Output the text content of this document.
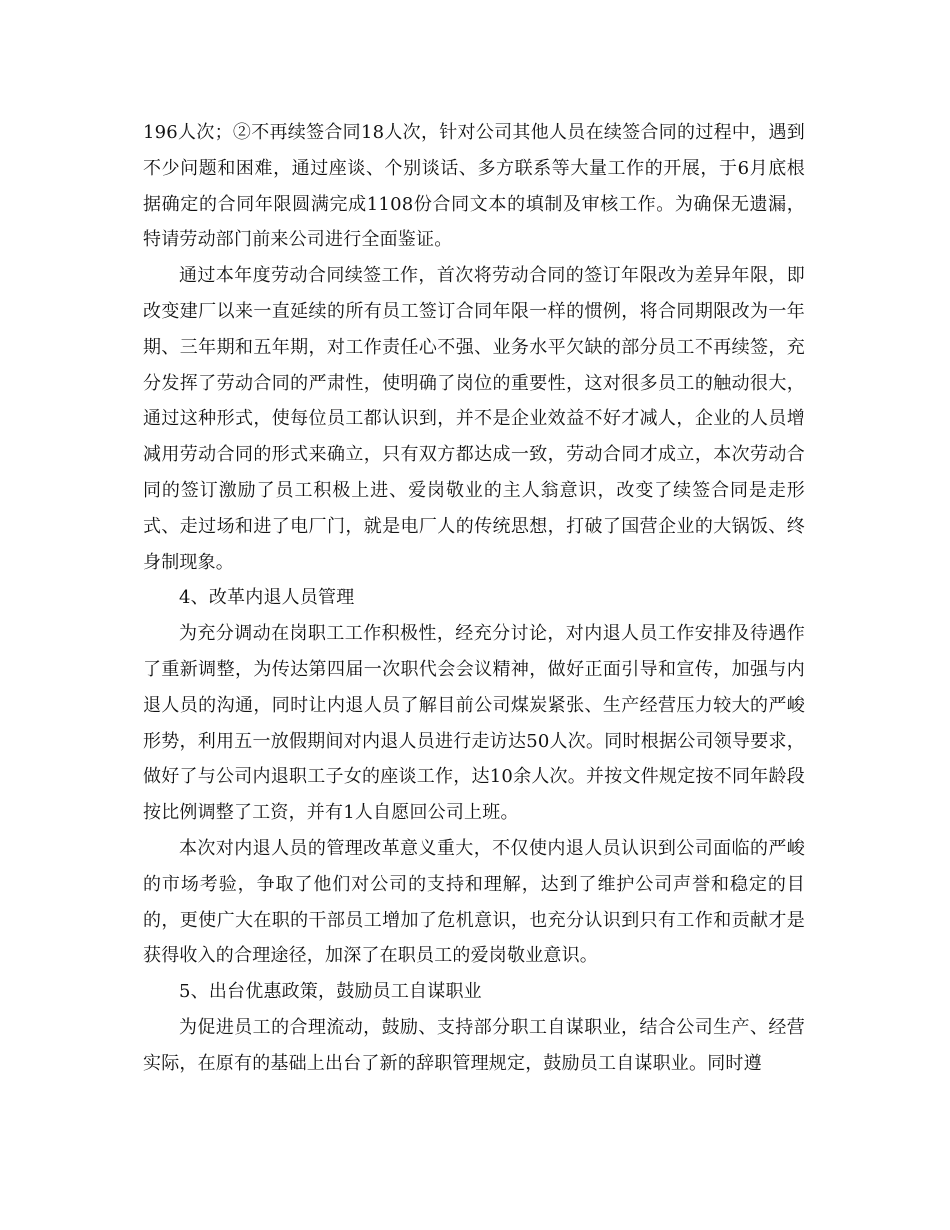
196人次；②不再续签合同18人次，针对公司其他人员在续签合同的过程中，遇到不少问题和困难，通过座谈、个别谈话、多方联系等大量工作的开展，于6月底根据确定的合同年限圆满完成1108份合同文本的填制及审核工作。为确保无遗漏，特请劳动部门前来公司进行全面鉴证。

通过本年度劳动合同续签工作，首次将劳动合同的签订年限改为差异年限，即改变建厂以来一直延续的所有员工签订合同年限一样的惯例，将合同期限改为一年期、三年期和五年期，对工作责任心不强、业务水平欠缺的部分员工不再续签，充分发挥了劳动合同的严肃性，使明确了岗位的重要性，这对很多员工的触动很大，通过这种形式，使每位员工都认识到，并不是企业效益不好才减人，企业的人员增减用劳动合同的形式来确立，只有双方都达成一致，劳动合同才成立，本次劳动合同的签订激励了员工积极上进、爱岗敬业的主人翁意识，改变了续签合同是走形式、走过场和进了电厂门，就是电厂人的传统思想，打破了国营企业的大锅饭、终身制现象。

4、改革内退人员管理

为充分调动在岗职工工作积极性，经充分讨论，对内退人员工作安排及待遇作了重新调整，为传达第四届一次职代会会议精神，做好正面引导和宣传，加强与内退人员的沟通，同时让内退人员了解目前公司煤炭紧张、生产经营压力较大的严峻形势，利用五一放假期间对内退人员进行走访达50人次。同时根据公司领导要求，做好了与公司内退职工子女的座谈工作，达10余人次。并按文件规定按不同年龄段按比例调整了工资，并有1人自愿回公司上班。

本次对内退人员的管理改革意义重大，不仅使内退人员认识到公司面临的严峻的市场考验，争取了他们对公司的支持和理解，达到了维护公司声誉和稳定的目的，更使广大在职的干部员工增加了危机意识，也充分认识到只有工作和贡献才是获得收入的合理途径，加深了在职员工的爱岗敬业意识。

5、出台优惠政策，鼓励员工自谋职业

为促进员工的合理流动，鼓励、支持部分职工自谋职业，结合公司生产、经营实际，在原有的基础上出台了新的辞职管理规定，鼓励员工自谋职业。同时遵
